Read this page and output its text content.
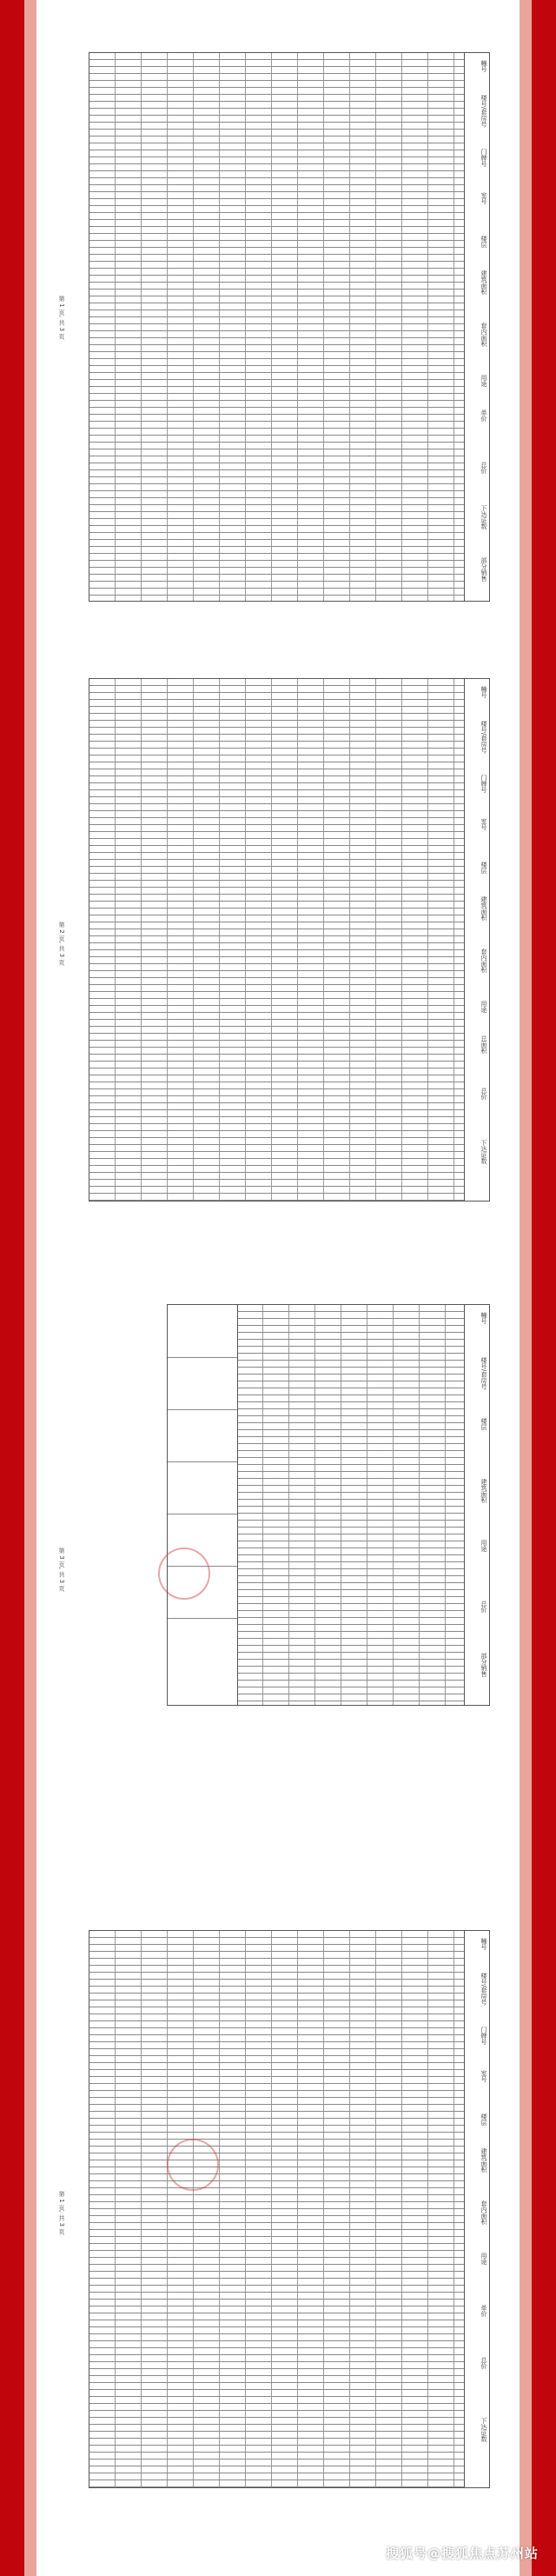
幢号
楼号/套房号
门牌号
室号
楼层
建筑面积
套内面积
用途
单价
总价
下达证数
部分销售
第 1 页, 共 3 页
幢号
楼号/套房号
门牌号
室号
楼层
建筑面积
套内面积
用途
总面积
总价
下达证数
第 2 页, 共 3 页
幢号
楼号/套房号
楼层
建筑面积
用途
总价
部分销售
第 3 页, 共 3 页
幢号
楼号/套房号
门牌号
室号
楼层
建筑面积
套内面积
用途
单价
总价
下达证数
第 1 页, 共 3 页
搜狐号@搜狐焦点苏州站
